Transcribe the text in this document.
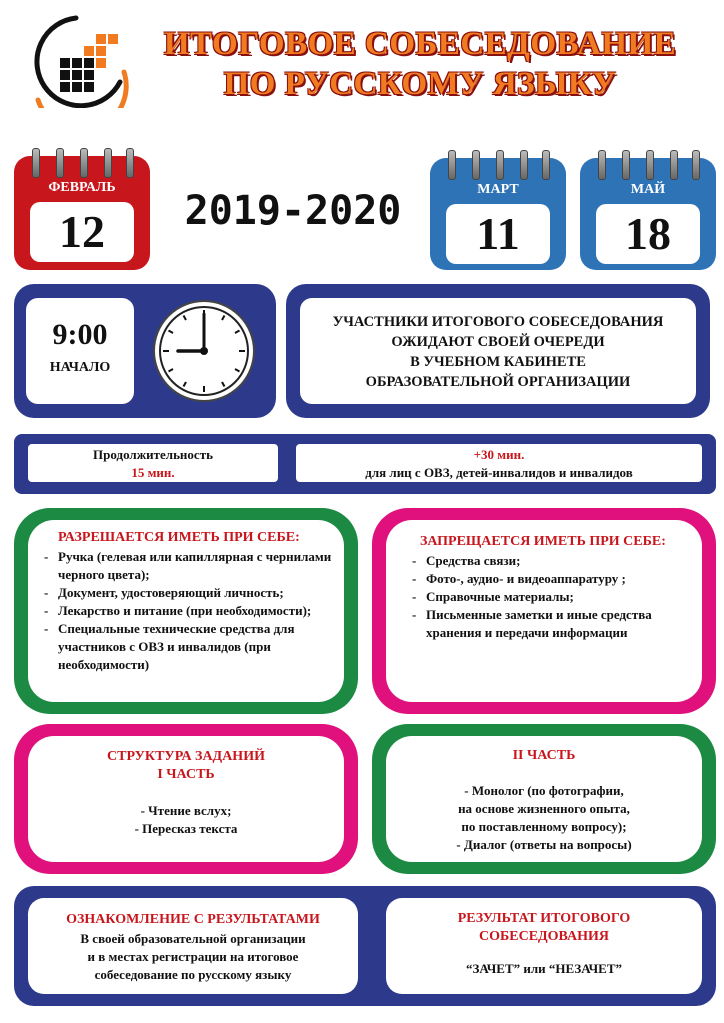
ИТОГОВОЕ СОБЕСЕДОВАНИЕ
ПО РУССКОМУ ЯЗЫКУ
ФЕВРАЛЬ
12	2019-2020	МАРТ
11
МАЙ
18
9:00
НАЧАЛО
УЧАСТНИКИ ИТОГОВОГО СОБЕСЕДОВАНИЯ
ОЖИДАЮТ СВОЕЙ ОЧЕРЕДИ
В УЧЕБНОМ КАБИНЕТЕ
ОБРАЗОВАТЕЛЬНОЙ ОРГАНИЗАЦИИ
Продолжительность
15 мин.
+30 мин.
для лиц с ОВЗ, детей-инвалидов и инвалидов
РАЗРЕШАЕТСЯ ИМЕТЬ ПРИ СЕБЕ:
- Ручка (гелевая или капиллярная с чернилами черного цвета);
- Документ, удостоверяющий личность;
- Лекарство и питание (при необходимости);
- Специальные технические средства для участников с ОВЗ и инвалидов (при необходимости)
ЗАПРЕЩАЕТСЯ ИМЕТЬ ПРИ СЕБЕ:
- Средства связи;
- Фото-, аудио- и видеоаппаратуру ;
- Справочные материалы;
- Письменные заметки и иные средства хранения и передачи информации
СТРУКТУРА ЗАДАНИЙ
I ЧАСТЬ
- Чтение вслух;
- Пересказ текста
II ЧАСТЬ
- Монолог (по фотографии,
на основе жизненного опыта,
по поставленному вопросу);
- Диалог (ответы на вопросы)
ОЗНАКОМЛЕНИЕ С РЕЗУЛЬТАТАМИ
В своей образовательной организации
и в местах регистрации на итоговое
собеседование по русскому языку
РЕЗУЛЬТАТ ИТОГОВОГО
СОБЕСЕДОВАНИЯ
“ЗАЧЕТ” или “НЕЗАЧЕТ”
